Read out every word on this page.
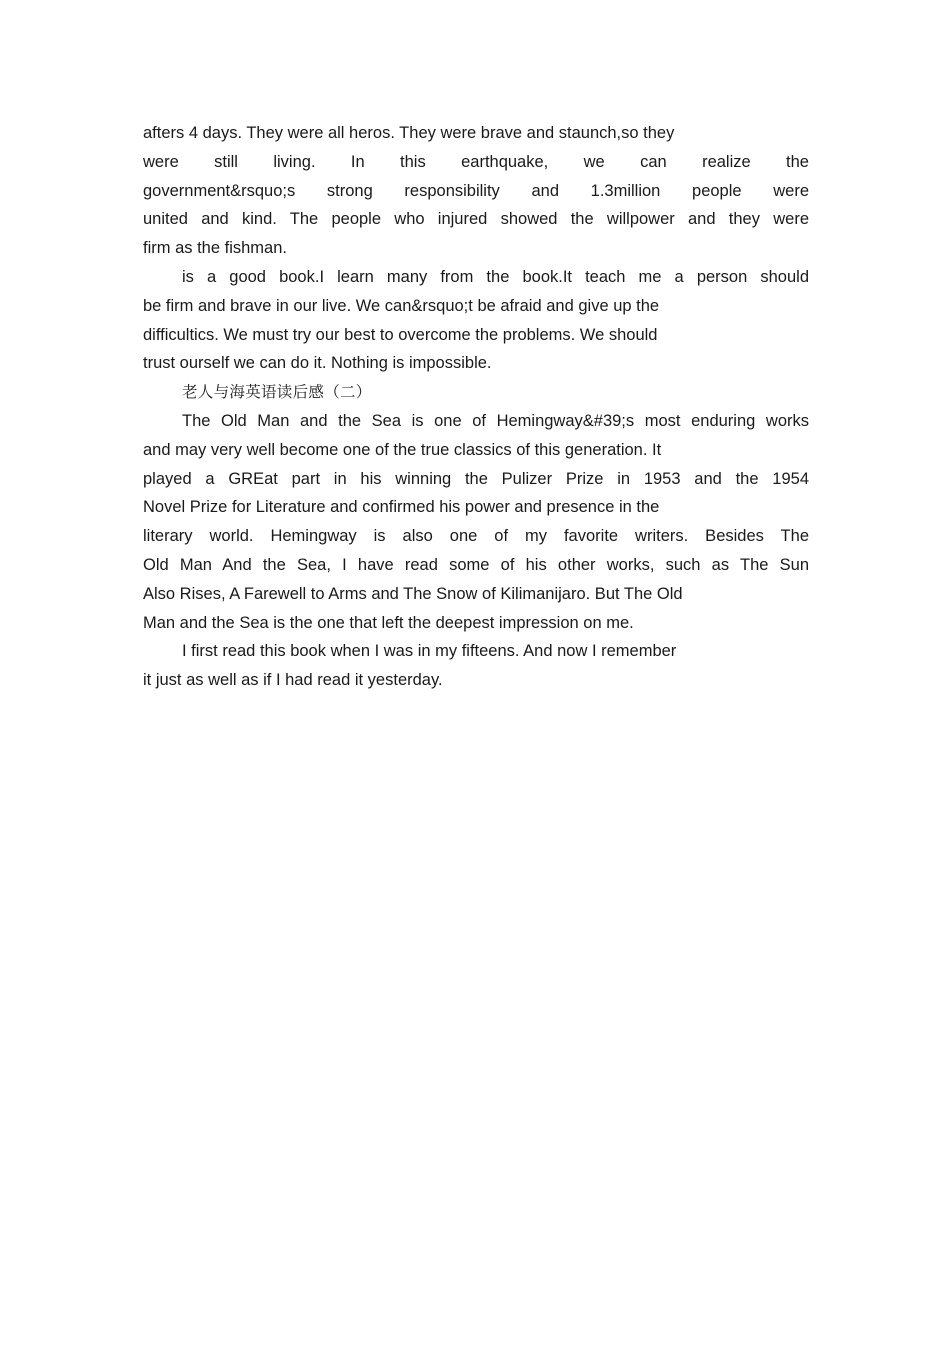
afters 4 days. They were all heros. They were brave and staunch,so they
were still living. In this earthquake, we can realize the
government&rsquo;s strong responsibility and 1.3million people were
united and kind. The people who injured showed the willpower and they were
firm as the fishman.
is a good book.I learn many from the book.It teach me a person should
be firm and brave in our live. We can&rsquo;t be afraid and give up the
difficultics. We must try our best to overcome the problems. We should
trust ourself we can do it. Nothing is impossible.
老人与海英语读后感（二）
The Old Man and the Sea is one of Hemingway&#39;s most enduring works
and may very well become one of the true classics of this generation. It
played a GREat part in his winning the Pulizer Prize in 1953 and the 1954
Novel Prize for Literature and confirmed his power and presence in the
literary world. Hemingway is also one of my favorite writers. Besides The
Old Man And the Sea, I have read some of his other works, such as The Sun
Also Rises, A Farewell to Arms and The Snow of Kilimanijaro. But The Old
Man and the Sea is the one that left the deepest impression on me.
I first read this book when I was in my fifteens. And now I remember
it just as well as if I had read it yesterday.
